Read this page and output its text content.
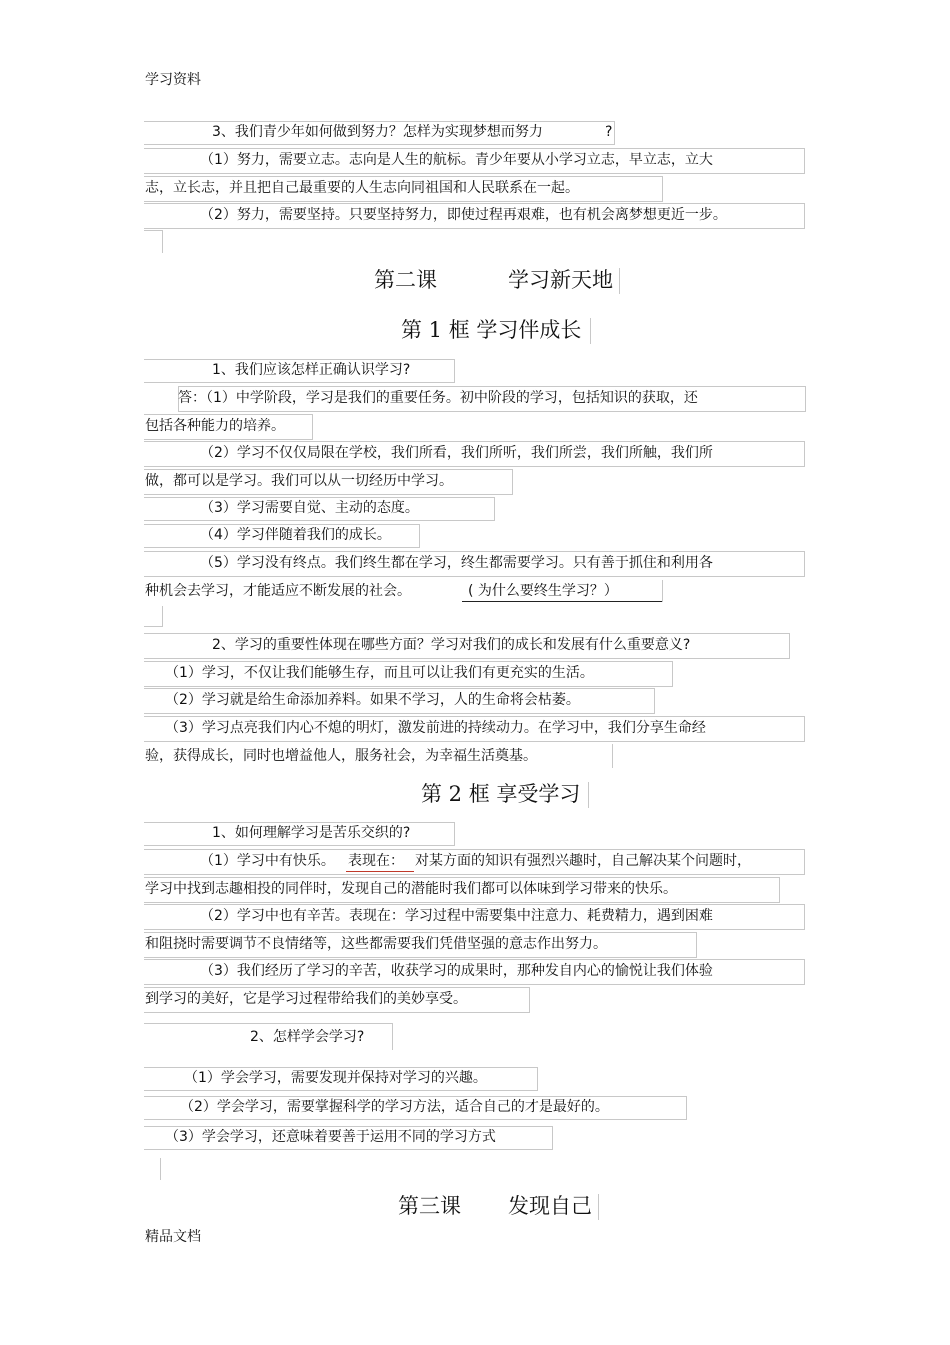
学习资料
精品文档
3、我们青少年如何做到努力？怎样为实现梦想而努力	?
（1）努力，需要立志。志向是人生的航标。青少年要从小学习立志，早立志，立大
志，立长志，并且把自己最重要的人生志向同祖国和人民联系在一起。
（2）努力，需要坚持。只要坚持努力，即使过程再艰难，也有机会离梦想更近一步。
第二课	学习新天地
第 1 框 学习伴成长
1、我们应该怎样正确认识学习?
答：（1）中学阶段，学习是我们的重要任务。初中阶段的学习，包括知识的获取，还
包括各种能力的培养。
（2）学习不仅仅局限在学校，我们所看，我们所听，我们所尝，我们所触，我们所
做，都可以是学习。我们可以从一切经历中学习。
（3）学习需要自觉、主动的态度。
（4）学习伴随着我们的成长。
（5）学习没有终点。我们终生都在学习，终生都需要学习。只有善于抓住和利用各
种机会去学习，才能适应不断发展的社会。	( 为什么要终生学习？）
2、学习的重要性体现在哪些方面？学习对我们的成长和发展有什么重要意义?
（1）学习，不仅让我们能够生存，而且可以让我们有更充实的生活。
（2）学习就是给生命添加养料。如果不学习，人的生命将会枯萎。
（3）学习点亮我们内心不熄的明灯，激发前进的持续动力。在学习中，我们分享生命经
验，获得成长，同时也增益他人，服务社会，为幸福生活奠基。
第 2 框 享受学习
1、如何理解学习是苦乐交织的?
（1）学习中有快乐。 表现在： 对某方面的知识有强烈兴趣时，自己解决某个问题时，
学习中找到志趣相投的同伴时，发现自己的潜能时我们都可以体味到学习带来的快乐。
（2）学习中也有辛苦。表现在：学习过程中需要集中注意力、耗费精力，遇到困难
和阻挠时需要调节不良情绪等，这些都需要我们凭借坚强的意志作出努力。
（3）我们经历了学习的辛苦，收获学习的成果时，那种发自内心的愉悦让我们体验
到学习的美好，它是学习过程带给我们的美妙享受。
2、怎样学会学习?
（1）学会学习，需要发现并保持对学习的兴趣。
（2）学会学习，需要掌握科学的学习方法，适合自己的才是最好的。
（3）学会学习，还意味着要善于运用不同的学习方式
第三课 发现自己
